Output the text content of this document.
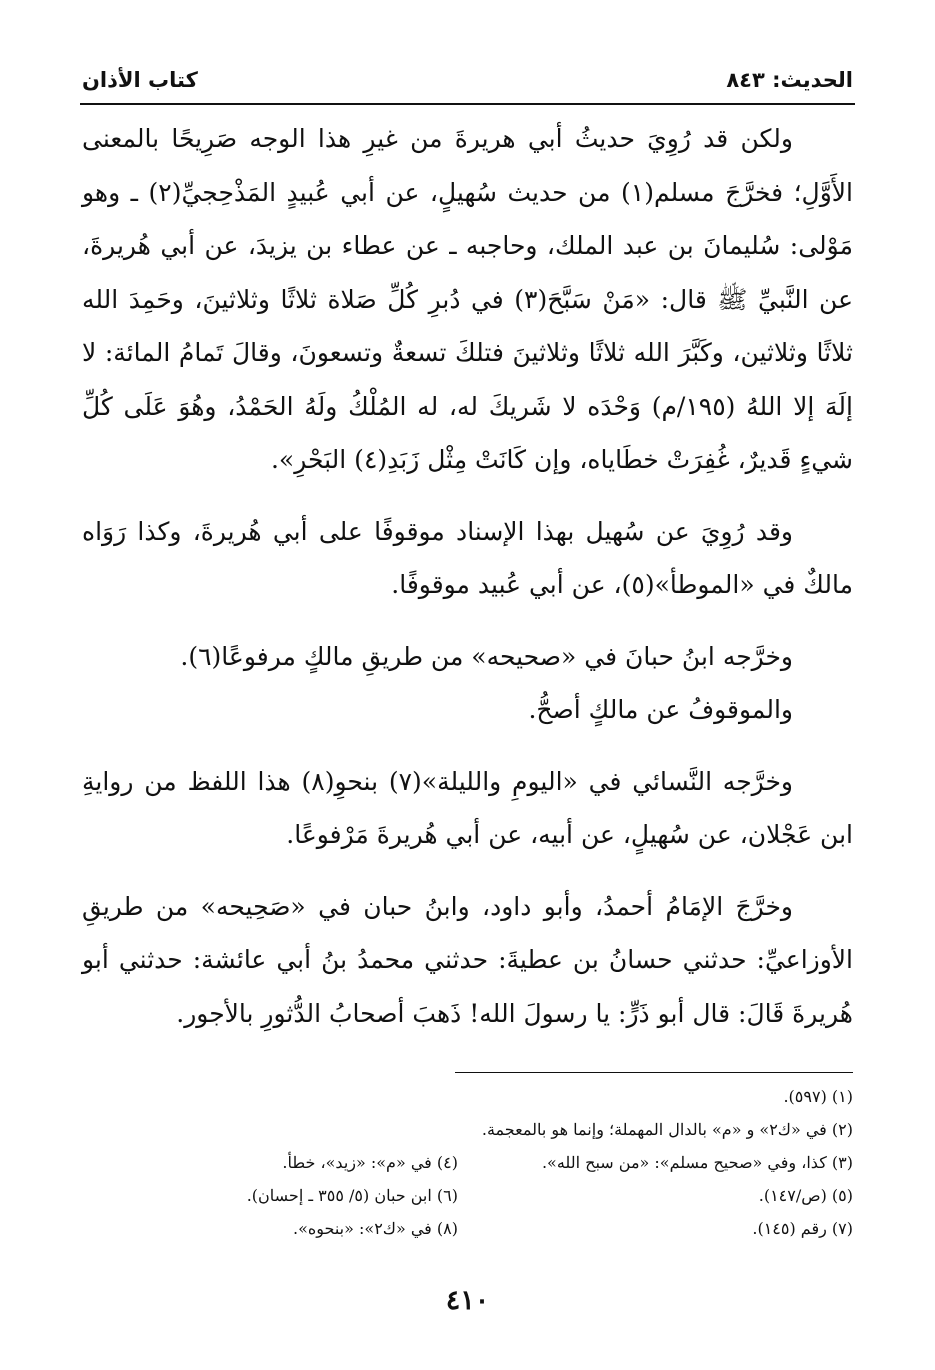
الحديث: ٨٤٣
كتاب الأذان

ولكن قد رُوِيَ حديثُ أبي هريرةَ من غيرِ هذا الوجه صَرِيحًا بالمعنى الأَوَّلِ؛ فخرَّجَ مسلم(١) من حديث سُهيلٍ، عن أبي عُبيدٍ المَذْحِجيِّ(٢) ـ وهو مَوْلى: سُليمانَ بن عبد الملك، وحاجبه ـ عن عطاء بن يزيدَ، عن أبي هُريرةَ، عن النَّبيِّ ﷺ قال: «مَنْ سَبَّحَ(٣) في دُبرِ كُلِّ صَلاة ثلاثًا وثلاثينَ، وحَمِدَ الله ثلاثًا وثلاثين، وكَبَّرَ الله ثلاثًا وثلاثينَ فتلكَ تسعةٌ وتسعونَ، وقالَ تَمامُ المائة: لا إلَهَ إلا اللهُ (١٩٥/م) وَحْدَه لا شَريكَ له، له المُلْكُ ولَهُ الحَمْدُ، وهُوَ عَلَى كُلِّ شيءٍ قَديرٌ، غُفِرَتْ خطَاياه، وإن كَانَتْ مِثْل زَبَدِ(٤) البَحْرِ».

وقد رُوِيَ عن سُهيل بهذا الإسناد موقوفًا على أبي هُريرةَ، وكذا رَوَاه مالكٌ في «الموطأ»(٥)، عن أبي عُبيد موقوفًا.

وخرَّجه ابنُ حبانَ في «صحيحه» من طريقِ مالكٍ مرفوعًا(٦).

والموقوفُ عن مالكٍ أصحُّ.

وخرَّجه النَّسائي في «اليومِ والليلة»(٧) بنحوِ(٨) هذا اللفظ من روايةِ ابن عَجْلان، عن سُهيلٍ، عن أبيه، عن أبي هُريرةَ مَرْفوعًا.

وخرَّجَ الإمَامُ أحمدُ، وأبو داود، وابنُ حبان في «صَحِيحه» من طريقِ الأوزاعيِّ: حدثني حسانُ بن عطيةَ: حدثني محمدُ بنُ أبي عائشة: حدثني أبو هُريرةَ قَالَ: قال أبو ذَرٍّ: يا رسولَ الله! ذَهبَ أصحابُ الدُّثورِ بالأجور.

(١) (٥٩٧).
(٢) في «ك٢» و «م» بالدال المهملة؛ وإنما هو بالمعجمة.
(٣) كذا، وفي «صحيح مسلم»: «من سبح الله».
(٤) في «م»: «زيد»، خطأ.
(٥) (ص/١٤٧).
(٦) ابن حبان (٥/ ٣٥٥ ـ إحسان).
(٧) رقم (١٤٥).
(٨) في «ك٢»: «بنحوه».
٤١٠
